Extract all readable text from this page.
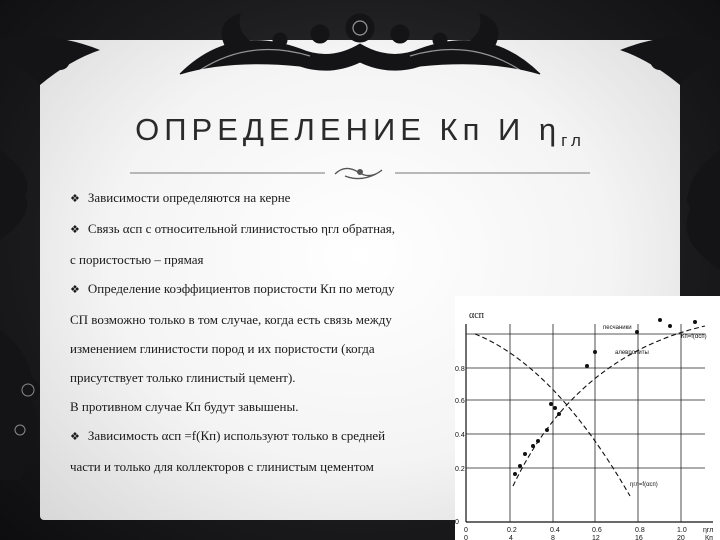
ОПРЕДЕЛЕНИЕ Кп И $\eta_{гл}$
❖ Зависимости определяются на керне
❖ Связь αсп с относительной глинистостью ηгл обратная,
с пористостью – прямая
❖ Определение коэффициентов пористости Кп по методу
СП возможно только в том случае, когда есть связь между
изменением глинистости пород и их пористости (когда
присутствует только глинистый цемент).
В противном случае Кп будут завышены.
❖ Зависимость αсп =f(Кп) используют только в средней
части и только для коллекторов с глинистым цементом
αсп
0.8
0.6
0.4
0.2
0
0	0.2	0.4	0.6	0.8	1.0 ηгл
0	4	8	12	16	20	Кп
песчаники
алевролиты
Кп=f(αсп)
ηгл=f(αсп)
